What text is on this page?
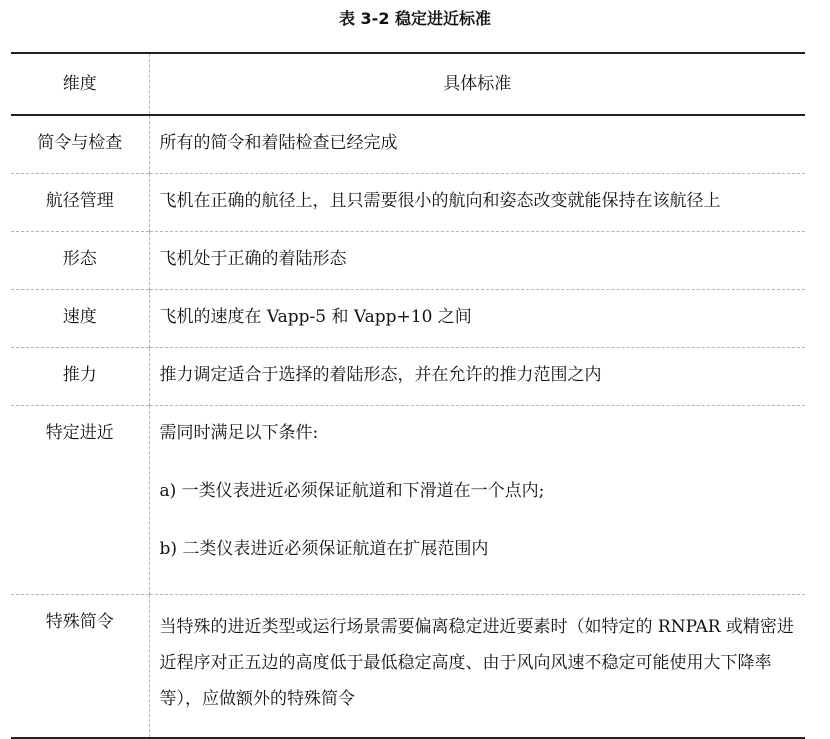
表 3-2 稳定进近标准
维度	具体标准
简令与检查	所有的简令和着陆检查已经完成
航径管理	飞机在正确的航径上，且只需要很小的航向和姿态改变就能保持在该航径上
形态	飞机处于正确的着陆形态
速度	飞机的速度在 Vapp-5 和 Vapp+10 之间
推力	推力调定适合于选择的着陆形态，并在允许的推力范围之内
特定进近	需同时满足以下条件:

a) 一类仪表进近必须保证航道和下滑道在一个点内;

b) 二类仪表进近必须保证航道在扩展范围内

特殊简令	当特殊的进近类型或运行场景需要偏离稳定进近要素时（如特定的 RNPAR 或精密进近程序对正五边的高度低于最低稳定高度、由于风向风速不稳定可能使用大下降率等），应做额外的特殊简令
